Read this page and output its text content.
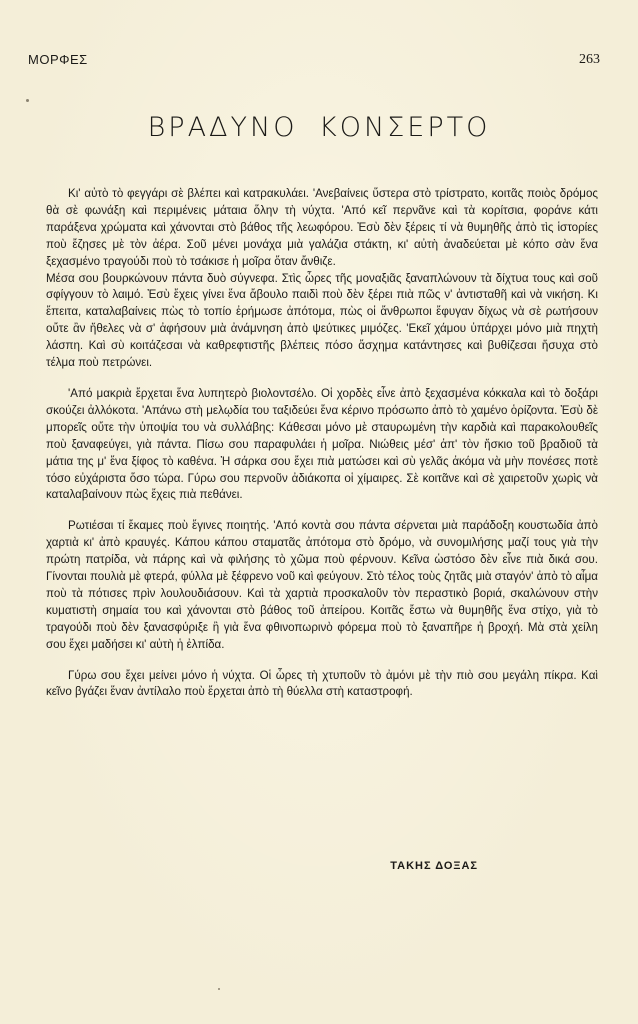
ΜΟΡΦΕΣ	263
ΒΡΑΔΥΝΟ ΚΟΝΣΕΡΤΟ

Κι' αὐτὸ τὸ φεγγάρι σὲ βλέπει καὶ κατρακυλάει. 'Ανεβαίνεις ὕστερα στὸ τρίστρατο, κοιτᾶς ποιὸς δρόμος θὰ σὲ φωνάξη καὶ περιμένεις μάταια ὅλην τὴ νύχτα. 'Από κεῖ περνᾶνε καὶ τὰ κορίτσια, φοράνε κάτι παράξενα χρώματα καὶ χάνονται στὸ βάθος τῆς λεωφόρου. Ἐσὺ δὲν ξέρεις τί νὰ θυμηθῆς ἀπὸ τὶς ἱστορίες ποὺ ἔζησες μὲ τὸν ἀέρα. Σοῦ μένει μονάχα μιὰ γαλάζια στάκτη, κι' αὐτὴ ἀναδεύεται μὲ κόπο σὰν ἕνα ξεχασμένο τραγούδι ποὺ τὸ τσάκισε ἡ μοῖρα ὅταν ἄνθιζε.

Μέσα σου βουρκώνουν πάντα δυὸ σύγνεφα. Στὶς ὧρες τῆς μοναξιᾶς ξαναπλώνουν τὰ δίχτυα τους καὶ σοῦ σφίγγουν τὸ λαιμό. Ἐσὺ ἔχεις γίνει ἕνα ἄβουλο παιδὶ ποὺ δὲν ξέρει πιὰ πῶς ν' ἀντισταθῆ καὶ νὰ νικήση. Κι ἔπειτα, καταλαβαίνεις πὼς τὸ τοπίο ἐρήμωσε ἀπότομα, πὼς οἱ ἄνθρωποι ἔφυγαν δίχως νὰ σὲ ρωτήσουν οὔτε ἂν ἤθελες νὰ σ' ἀφήσουν μιὰ ἀνάμνηση ἀπὸ ψεύτικες μιμόζες. 'Εκεῖ χάμου ὑπάρχει μόνο μιὰ πηχτὴ λάσπη. Καὶ σὺ κοιτάζεσαι νὰ καθρεφτιστῆς βλέπεις πόσο ἄσχημα κατάντησες καὶ βυθίζεσαι ἥσυχα στὸ τέλμα ποὺ πετρώνει.

'Από μακριὰ ἔρχεται ἕνα λυπητερὸ βιολοντσέλο. Οἱ χορδὲς εἶνε ἀπὸ ξεχασμένα κόκκαλα καὶ τὸ δοξάρι σκούζει ἀλλόκοτα. 'Απάνω στὴ μελῳδία του ταξιδεύει ἕνα κέρινο πρόσωπο ἀπὸ τὸ χαμένο ὁρίζοντα. Ἐσὺ δὲ μπορεῖς οὔτε τὴν ὑποψία του νὰ συλλάβης: Κάθεσαι μόνο μὲ σταυρωμένη τὴν καρδιὰ καὶ παρακολουθεῖς ποὺ ξαναφεύγει, γιὰ πάντα. Πίσω σου παραφυλάει ἡ μοῖρα. Νιώθεις μέσ' ἀπ' τὸν ἥσκιο τοῦ βραδιοῦ τὰ μάτια της μ' ἕνα ξίφος τὸ καθένα. Ἡ σάρκα σου ἔχει πιὰ ματώσει καὶ σὺ γελᾶς ἀκόμα νὰ μὴν πονέσες ποτὲ τόσο εὐχάριστα ὅσο τώρα. Γύρω σου περνοῦν ἀδιάκοπα οἱ χίμαιρες. Σὲ κοιτᾶνε καὶ σὲ χαιρετοῦν χωρὶς νὰ καταλαβαίνουν πὼς ἔχεις πιὰ πεθάνει.

Ρωτιέσαι τί ἔκαμες ποὺ ἔγινες ποιητής. 'Από κοντὰ σου πάντα σέρνεται μιὰ παράδοξη κουστωδία ἀπὸ χαρτιὰ κι' ἀπὸ κραυγές. Κάπου κάπου σταματᾶς ἀπότομα στὸ δρόμο, νὰ συνομιλήσης μαζί τους γιὰ τὴν πρώτη πατρίδα, νὰ πάρης καὶ νὰ φιλήσης τὸ χῶμα ποὺ φέρνουν. Κεῖνα ὡστόσο δὲν εἶνε πιὰ δικά σου. Γίνονται πουλιὰ μὲ φτερά, φύλλα μὲ ξέφρενο νοῦ καὶ φεύγουν. Στὸ τέλος τοὺς ζητᾶς μιὰ σταγόν' ἀπὸ τὸ αἷμα ποὺ τὰ πότισες πρὶν λουλουδιάσουν. Καὶ τὰ χαρτιὰ προσκαλοῦν τὸν περαστικὸ βοριά, σκαλώνουν στὴν κυματιστὴ σημαία του καὶ χάνονται στὸ βάθος τοῦ ἀπείρου. Κοιτᾶς ἔστω νὰ θυμηθῆς ἕνα στίχο, γιὰ τὸ τραγούδι ποὺ δὲν ξανασφύριξε ἢ γιὰ ἕνα φθινοπωρινὸ φόρεμα ποὺ τὸ ξαναπῆρε ἡ βροχή. Μὰ στὰ χείλη σου ἔχει μαδήσει κι' αὐτὴ ἡ ἐλπίδα.

Γύρω σου ἔχει μείνει μόνο ἡ νύχτα. Οἱ ὧρες τὴ χτυποῦν τὸ ἀμόνι μὲ τὴν πιὸ σου μεγάλη πίκρα. Καὶ κεῖνο βγάζει ἕναν ἀντίλαλο ποὺ ἔρχεται ἀπὸ τὴ θύελλα στὴ καταστροφή.

ΤΑΚΗΣ ΔΟΞΑΣ
